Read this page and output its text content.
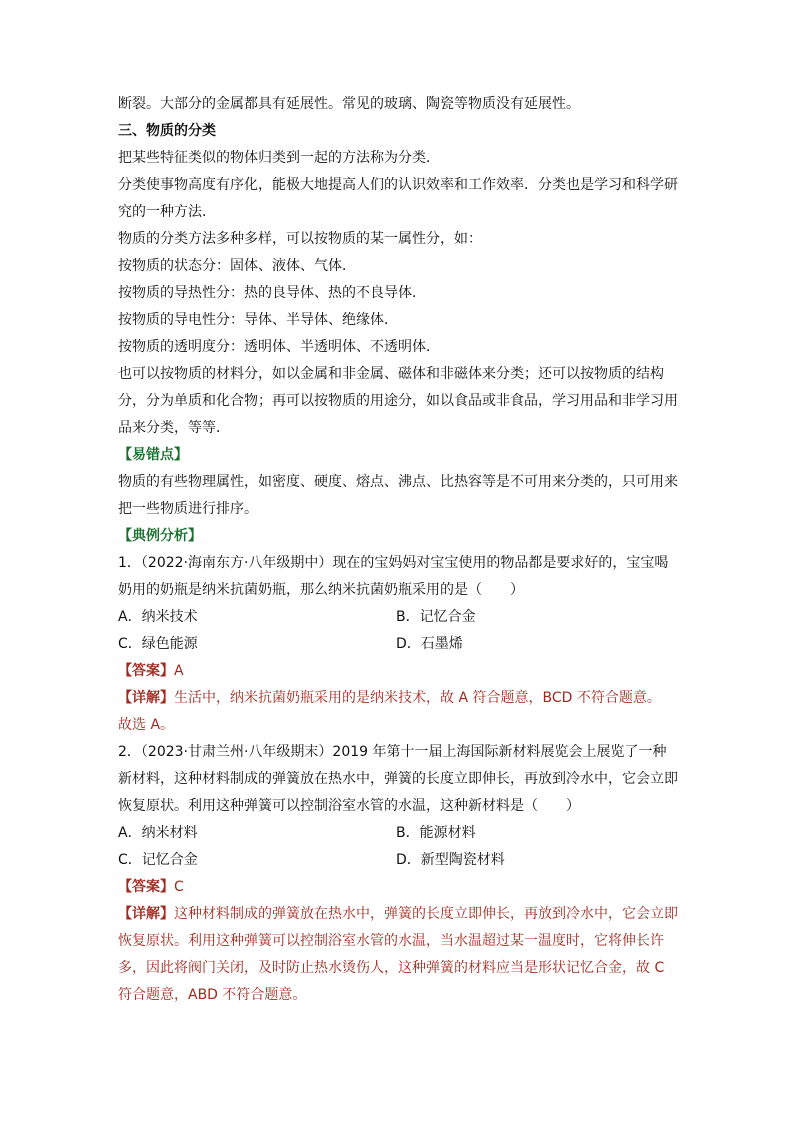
断裂。大部分的金属都具有延展性。常见的玻璃、陶瓷等物质没有延展性。

三、物质的分类

把某些特征类似的物体归类到一起的方法称为分类．

分类使事物高度有序化，能极大地提高人们的认识效率和工作效率．分类也是学习和科学研究的一种方法．

物质的分类方法多种多样，可以按物质的某一属性分，如：

按物质的状态分：固体、液体、气体．

按物质的导热性分：热的良导体、热的不良导体．

按物质的导电性分：导体、半导体、绝缘体．

按物质的透明度分：透明体、半透明体、不透明体．

也可以按物质的材料分，如以金属和非金属、磁体和非磁体来分类；还可以按物质的结构分，分为单质和化合物；再可以按物质的用途分，如以食品或非食品，学习用品和非学习用品来分类，等等．

【易错点】

物质的有些物理属性，如密度、硬度、熔点、沸点、比热容等是不可用来分类的，只可用来把一些物质进行排序。

【典例分析】

1．（2022·海南东方·八年级期中）现在的宝妈妈对宝宝使用的物品都是要求好的，宝宝喝奶用的奶瓶是纳米抗菌奶瓶，那么纳米抗菌奶瓶采用的是（　　）

A．纳米技术	B．记忆合金
C．绿色能源	D．石墨烯

【答案】A

【详解】生活中，纳米抗菌奶瓶采用的是纳米技术，故 A 符合题意，BCD 不符合题意。

故选 A。

2．（2023·甘肃兰州·八年级期末）2019 年第十一届上海国际新材料展览会上展览了一种新材料，这种材料制成的弹簧放在热水中，弹簧的长度立即伸长，再放到冷水中，它会立即恢复原状。利用这种弹簧可以控制浴室水管的水温，这种新材料是（　　）

A．纳米材料	B．能源材料
C．记忆合金	D．新型陶瓷材料

【答案】C

【详解】这种材料制成的弹簧放在热水中，弹簧的长度立即伸长，再放到冷水中，它会立即恢复原状。利用这种弹簧可以控制浴室水管的水温，当水温超过某一温度时，它将伸长许多，因此将阀门关闭，及时防止热水烫伤人，这种弹簧的材料应当是形状记忆合金，故 C 符合题意，ABD 不符合题意。
